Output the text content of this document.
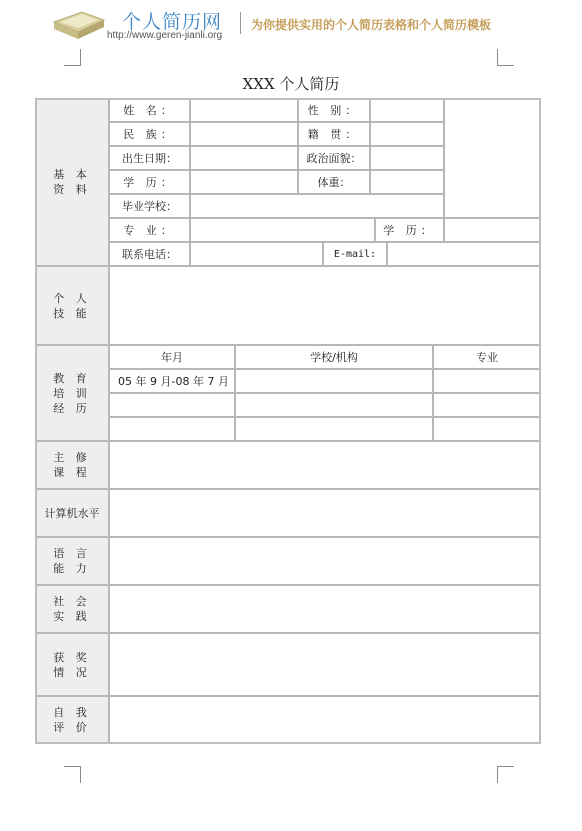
个人简历网
http://www.geren-jianli.org
为你提供实用的个人简历表格和个人简历模板
XXX 个人简历
基 本
资 料
姓 名：	性 别：
民 族：	籍 贯：
出生日期：	政治面貌：
学 历：	体重：
毕业学校：
专 业：	学 历：
联系电话：	E-mail:
个 人
技 能
教 育
培 训
经 历
年月	学校/机构	专业
05 年 9 月-08 年 7 月
主 修
课 程
计算机水平
语 言
能 力
社 会
实 践
获 奖
情 况
自 我
评 价
